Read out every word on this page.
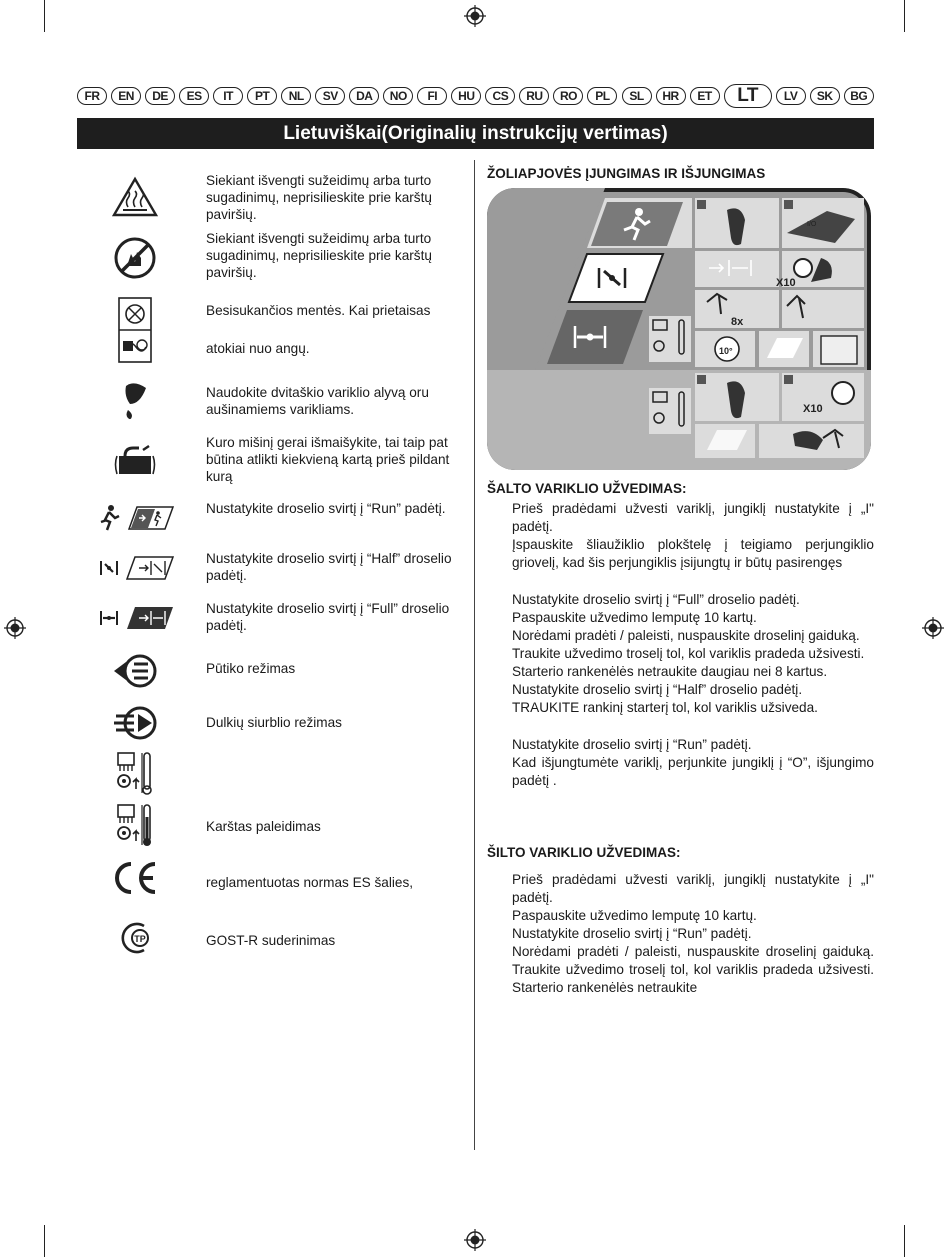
FR	EN	DE	ES	IT	PT	NL	SV	DA	NO	FI	HU	CS	RU	RO	PL	SL	HR	ET	LT	LV	SK	BG
Lietuviškai(Originalių instrukcijų vertimas)
Siekiant išvengti sužeidimų arba turto sugadinimų, neprisilieskite prie karštų paviršių.
Siekiant išvengti sužeidimų arba turto sugadinimų, neprisilieskite prie karštų paviršių.
Besisukančios mentės. Kai prietaisas
atokiai nuo angų.
Naudokite dvitaškio variklio alyvą oru aušinamiems varikliams.
Kuro mišinį gerai išmaišykite, tai taip pat būtina atlikti kiekvieną kartą prieš pildant kurą
Nustatykite droselio svirtį į “Run” padėtį.
Nustatykite droselio svirtį į “Half” droselio padėtį.
Nustatykite droselio svirtį į “Full” droselio padėtį.
Pūtiko režimas
Dulkių siurblio režimas
Karštas paleidimas
reglamentuotas normas ES šalies,
TP	GOST-R suderinimas
ŽOLIAPJOVĖS ĮJUNGIMAS IR IŠJUNGIMAS
X10
8x
10°
X10
I/O
ŠALTO VARIKLIO UŽVEDIMAS:
Prieš pradėdami užvesti variklį, jungiklį nustatykite į „I" padėtį.
Įspauskite šliaužiklio plokštelę į teigiamo perjungiklio griovelį, kad šis perjungiklis įsijungtų ir būtų pasirengęs
Nustatykite droselio svirtį į “Full” droselio padėtį.
Paspauskite užvedimo lemputę 10 kartų.
Norėdami pradėti / paleisti, nuspauskite droselinį gaiduką.
Traukite užvedimo troselį tol, kol variklis pradeda užsivesti.
Starterio rankenėlės netraukite daugiau nei 8 kartus.
Nustatykite droselio svirtį į “Half” droselio padėtį.
TRAUKITE rankinį starterį tol, kol variklis užsiveda.
Nustatykite droselio svirtį į “Run” padėtį.
Kad išjungtumėte variklį, perjunkite jungiklį į “O”, išjungimo padėtį .
ŠILTO VARIKLIO UŽVEDIMAS:
Prieš pradėdami užvesti variklį, jungiklį nustatykite į „I" padėtį.
Paspauskite užvedimo lemputę 10 kartų.
Nustatykite droselio svirtį į “Run” padėtį.
Norėdami pradėti / paleisti, nuspauskite droselinį gaiduką. Traukite užvedimo troselį tol, kol variklis pradeda užsivesti. Starterio rankenėlės netraukite
